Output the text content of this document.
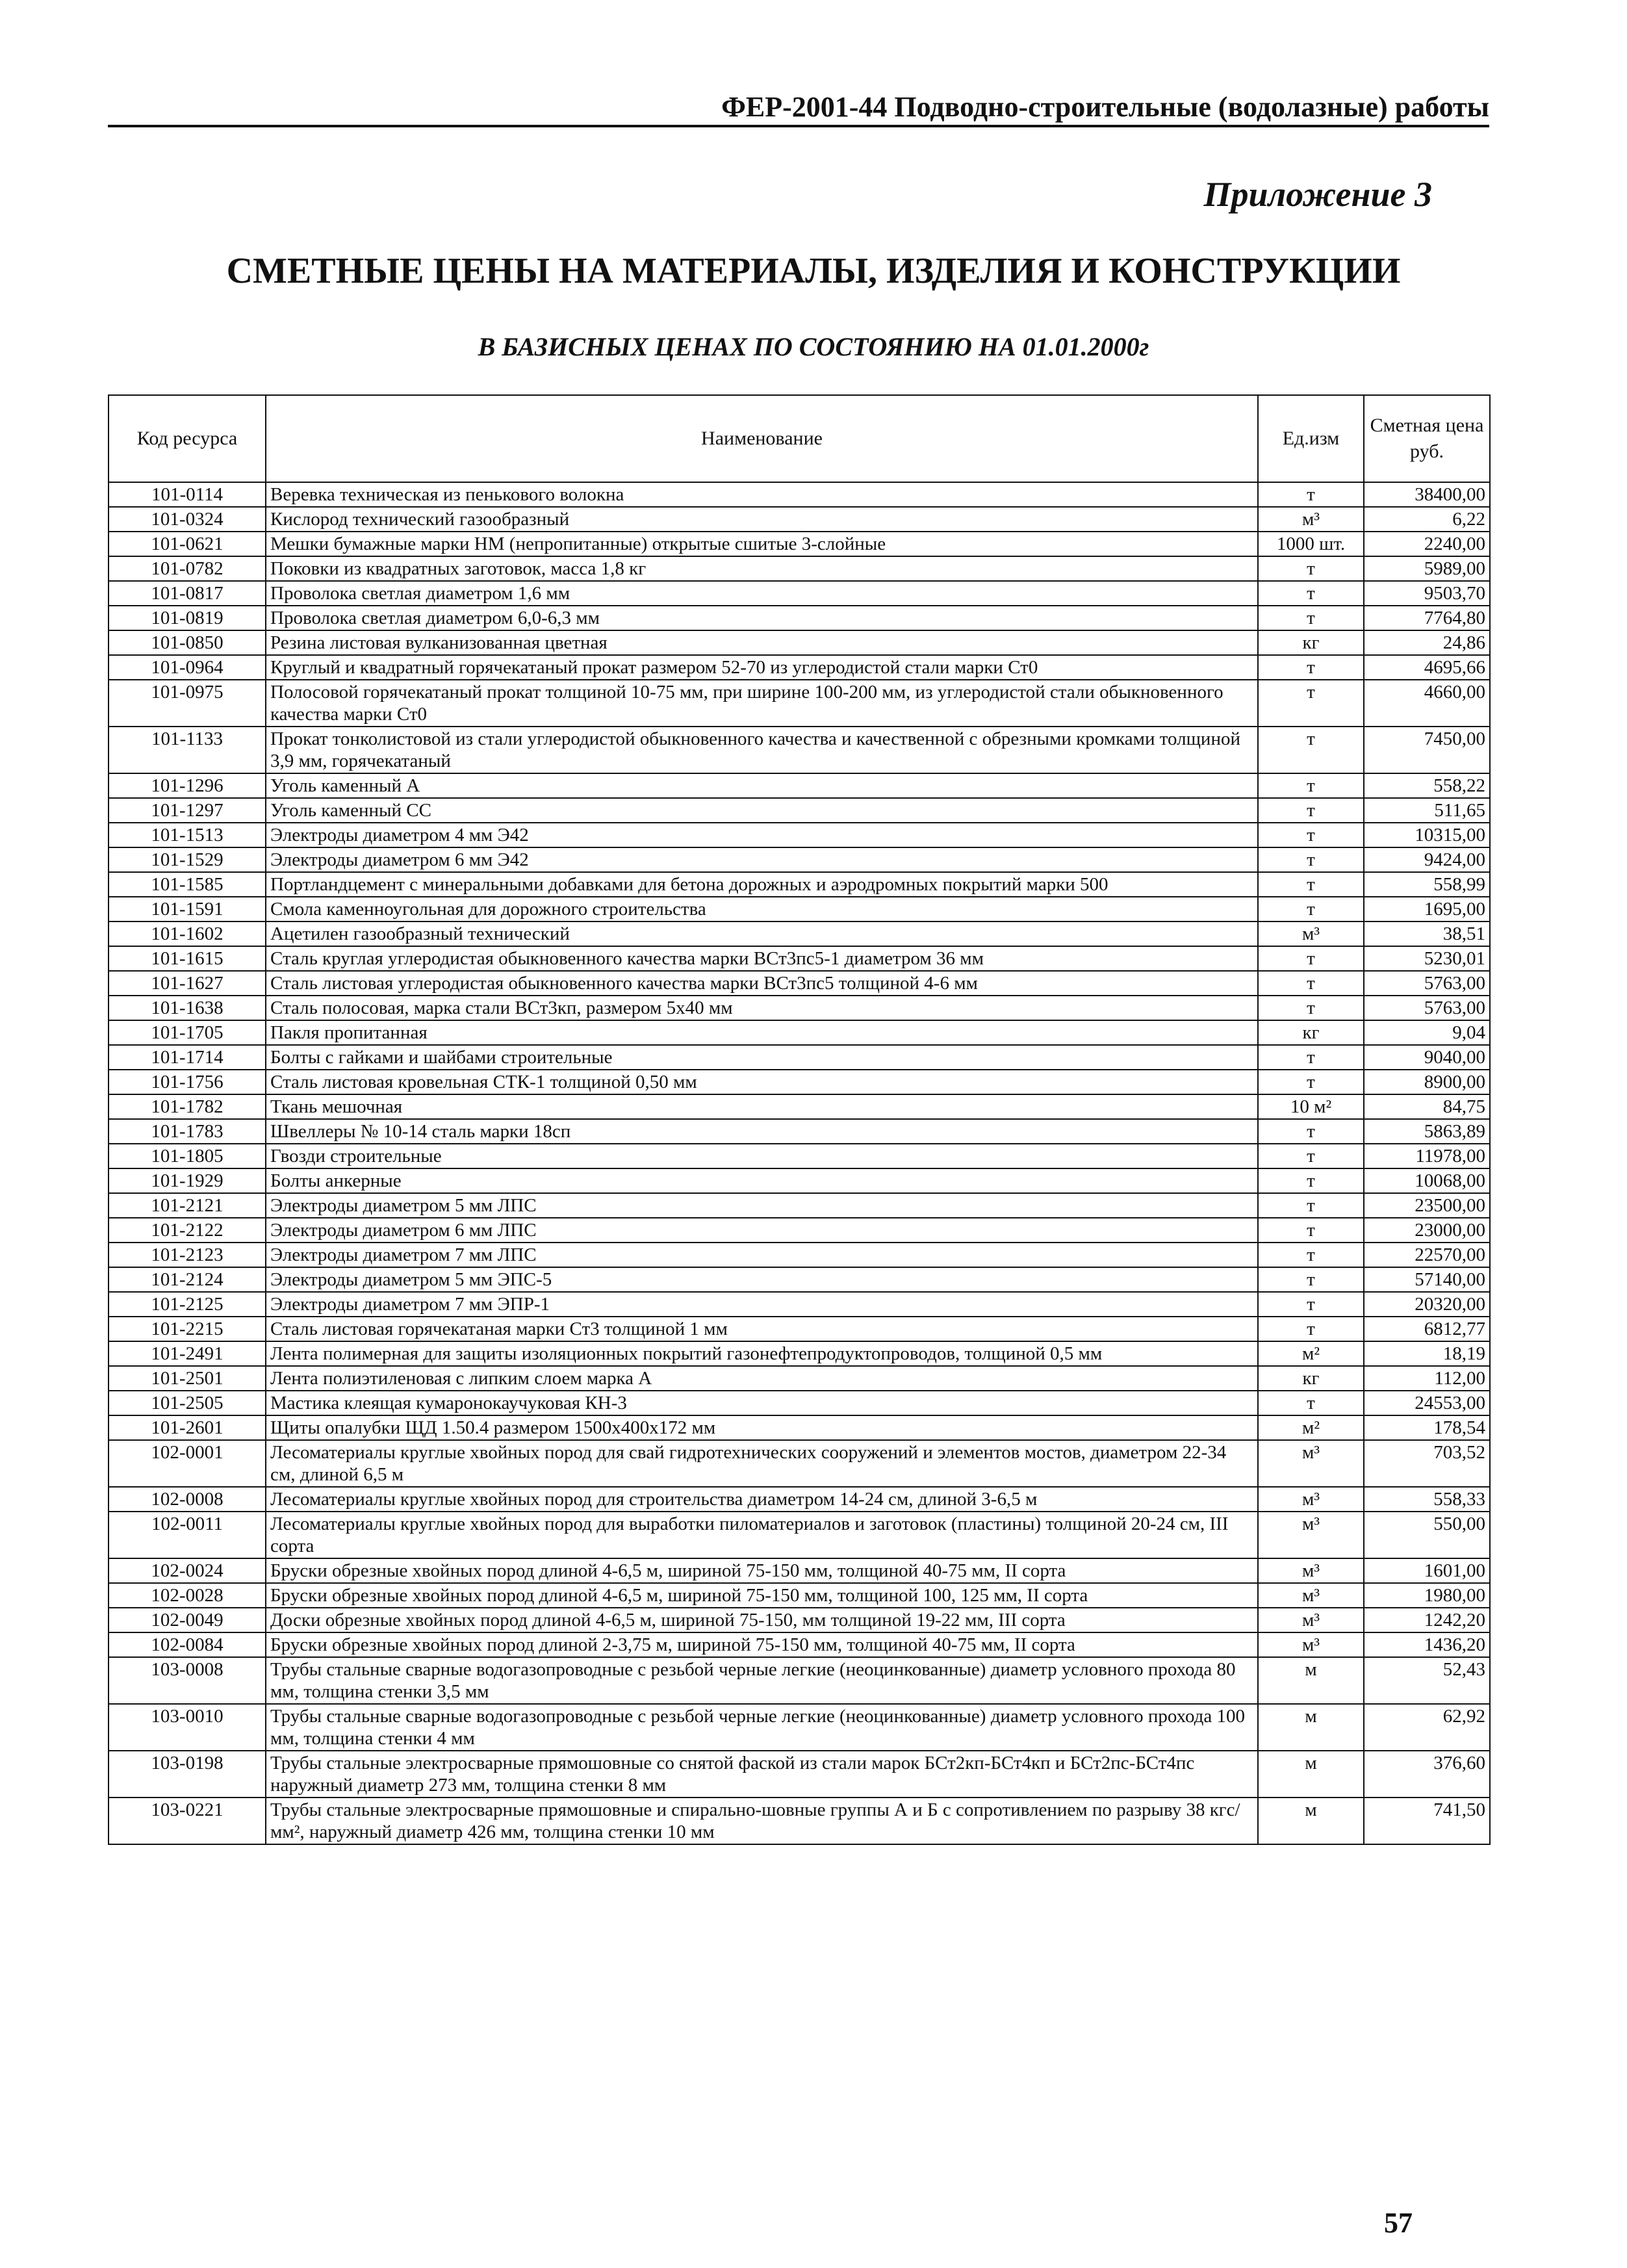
ФЕР-2001-44 Подводно-строительные (водолазные) работы
Приложение 3
СМЕТНЫЕ ЦЕНЫ НА МАТЕРИАЛЫ, ИЗДЕЛИЯ И КОНСТРУКЦИИ
В БАЗИСНЫХ ЦЕНАХ ПО СОСТОЯНИЮ НА 01.01.2000г
Код ресурса	Наименование	Ед.изм	Сметная цена руб.
101-0114	Веревка техническая из пенькового волокна	т	38400,00
101-0324	Кислород технический газообразный	м³	6,22
101-0621	Мешки бумажные марки НМ (непропитанные) открытые сшитые 3-слойные	1000 шт.	2240,00
101-0782	Поковки из квадратных заготовок, масса 1,8 кг	т	5989,00
101-0817	Проволока светлая диаметром 1,6 мм	т	9503,70
101-0819	Проволока светлая диаметром 6,0-6,3 мм	т	7764,80
101-0850	Резина листовая вулканизованная цветная	кг	24,86
101-0964	Круглый и квадратный горячекатаный прокат размером 52-70 из углеродистой стали марки Ст0	т	4695,66
101-0975	Полосовой горячекатаный прокат толщиной 10-75 мм, при ширине 100-200 мм, из углеродистой стали обыкновенного качества марки Ст0	т	4660,00
101-1133	Прокат тонколистовой из стали углеродистой обыкновенного качества и качественной с обрезными кромками толщиной 3,9 мм, горячекатаный	т	7450,00
101-1296	Уголь каменный А	т	558,22
101-1297	Уголь каменный СС	т	511,65
101-1513	Электроды диаметром 4 мм Э42	т	10315,00
101-1529	Электроды диаметром 6 мм Э42	т	9424,00
101-1585	Портландцемент с минеральными добавками для бетона дорожных и аэродромных покрытий марки 500	т	558,99
101-1591	Смола каменноугольная для дорожного строительства	т	1695,00
101-1602	Ацетилен газообразный технический	м³	38,51
101-1615	Сталь круглая углеродистая обыкновенного качества марки ВСт3пс5-1 диаметром 36 мм	т	5230,01
101-1627	Сталь листовая углеродистая обыкновенного качества марки ВСт3пс5 толщиной 4-6 мм	т	5763,00
101-1638	Сталь полосовая, марка стали ВСт3кп, размером 5х40 мм	т	5763,00
101-1705	Пакля пропитанная	кг	9,04
101-1714	Болты с гайками и шайбами строительные	т	9040,00
101-1756	Сталь листовая кровельная СТК-1 толщиной 0,50 мм	т	8900,00
101-1782	Ткань мешочная	10 м²	84,75
101-1783	Швеллеры № 10-14 сталь марки 18сп	т	5863,89
101-1805	Гвозди строительные	т	11978,00
101-1929	Болты анкерные	т	10068,00
101-2121	Электроды диаметром 5 мм ЛПС	т	23500,00
101-2122	Электроды диаметром 6 мм ЛПС	т	23000,00
101-2123	Электроды диаметром 7 мм ЛПС	т	22570,00
101-2124	Электроды диаметром 5 мм ЭПС-5	т	57140,00
101-2125	Электроды диаметром 7 мм ЭПР-1	т	20320,00
101-2215	Сталь листовая горячекатаная марки Ст3 толщиной 1 мм	т	6812,77
101-2491	Лента полимерная для защиты изоляционных покрытий газонефтепродуктопроводов, толщиной 0,5 мм	м²	18,19
101-2501	Лента полиэтиленовая с липким слоем марка А	кг	112,00
101-2505	Мастика клеящая кумаронокаучуковая КН-3	т	24553,00
101-2601	Щиты опалубки ЩД 1.50.4 размером 1500х400х172 мм	м²	178,54
102-0001	Лесоматериалы круглые хвойных пород для свай гидротехнических сооружений и элементов мостов, диаметром 22-34 см, длиной 6,5 м	м³	703,52
102-0008	Лесоматериалы круглые хвойных пород для строительства диаметром 14-24 см, длиной 3-6,5 м	м³	558,33
102-0011	Лесоматериалы круглые хвойных пород для выработки пиломатериалов и заготовок (пластины) толщиной 20-24 см, III сорта	м³	550,00
102-0024	Бруски обрезные хвойных пород длиной 4-6,5 м, шириной 75-150 мм, толщиной 40-75 мм, II сорта	м³	1601,00
102-0028	Бруски обрезные хвойных пород длиной 4-6,5 м, шириной 75-150 мм, толщиной 100, 125 мм, II сорта	м³	1980,00
102-0049	Доски обрезные хвойных пород длиной 4-6,5 м, шириной 75-150, мм толщиной 19-22 мм, III сорта	м³	1242,20
102-0084	Бруски обрезные хвойных пород длиной 2-3,75 м, шириной 75-150 мм, толщиной 40-75 мм, II сорта	м³	1436,20
103-0008	Трубы стальные сварные водогазопроводные с резьбой черные легкие (неоцинкованные) диаметр условного прохода 80 мм, толщина стенки 3,5 мм	м	52,43
103-0010	Трубы стальные сварные водогазопроводные с резьбой черные легкие (неоцинкованные) диаметр условного прохода 100 мм, толщина стенки 4 мм	м	62,92
103-0198	Трубы стальные электросварные прямошовные со снятой фаской из стали марок БСт2кп-БСт4кп и БСт2пс-БСт4пс наружный диаметр 273 мм, толщина стенки 8 мм	м	376,60
103-0221	Трубы стальные электросварные прямошовные и спирально-шовные группы А и Б с сопротивлением по разрыву 38 кгс/мм², наружный диаметр 426 мм, толщина стенки 10 мм	м	741,50
57
